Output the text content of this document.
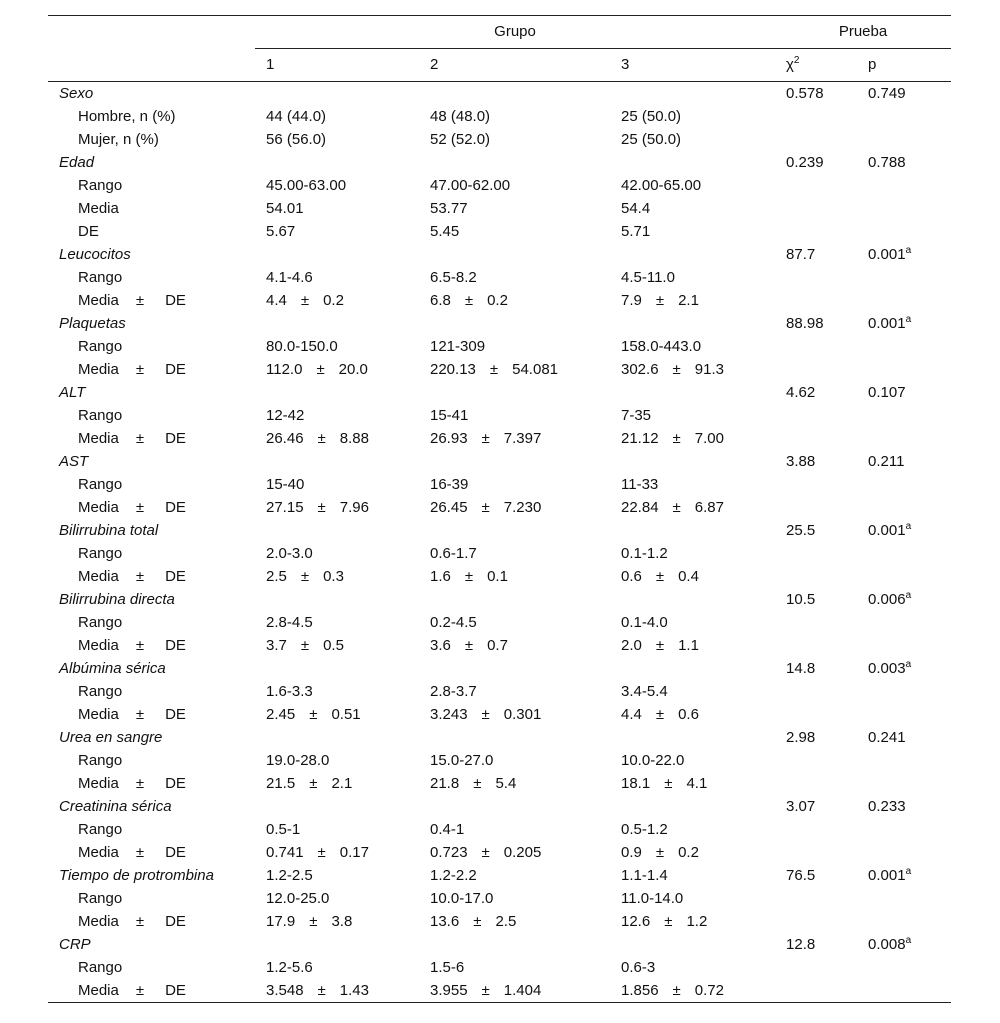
	Grupo			Prueba	
	1	2	3	$\chi^2$	p
Sexo				0.578	0.749
Hombre, n (%)	44 (44.0)	48 (48.0)	25 (50.0)		
Mujer, n (%)	56 (56.0)	52 (52.0)	25 (50.0)		
Edad				0.239	0.788
Rango	45.00-63.00	47.00-62.00	42.00-65.00		
Media	54.01	53.77	54.4		
DE	5.67	5.45	5.71		
Leucocitos				87.7	0.001$^a$
Rango	4.1-4.6	6.5-8.2	4.5-11.0		
Media ± DE	4.4 ± 0.2	6.8 ± 0.2	7.9 ± 2.1		
Plaquetas				88.98	0.001$^a$
Rango	80.0-150.0	121-309	158.0-443.0		
Media ± DE	112.0 ± 20.0	220.13 ± 54.081	302.6 ± 91.3		
ALT				4.62	0.107
Rango	12-42	15-41	7-35		
Media ± DE	26.46 ± 8.88	26.93 ± 7.397	21.12 ± 7.00		
AST				3.88	0.211
Rango	15-40	16-39	11-33		
Media ± DE	27.15 ± 7.96	26.45 ± 7.230	22.84 ± 6.87		
Bilirrubina total				25.5	0.001$^a$
Rango	2.0-3.0	0.6-1.7	0.1-1.2		
Media ± DE	2.5 ± 0.3	1.6 ± 0.1	0.6 ± 0.4		
Bilirrubina directa				10.5	0.006$^a$
Rango	2.8-4.5	0.2-4.5	0.1-4.0		
Media ± DE	3.7 ± 0.5	3.6 ± 0.7	2.0 ± 1.1		
Albúmina sérica				14.8	0.003$^a$
Rango	1.6-3.3	2.8-3.7	3.4-5.4		
Media ± DE	2.45 ± 0.51	3.243 ± 0.301	4.4 ± 0.6		
Urea en sangre				2.98	0.241
Rango	19.0-28.0	15.0-27.0	10.0-22.0		
Media ± DE	21.5 ± 2.1	21.8 ± 5.4	18.1 ± 4.1		
Creatinina sérica				3.07	0.233
Rango	0.5-1	0.4-1	0.5-1.2		
Media ± DE	0.741 ± 0.17	0.723 ± 0.205	0.9 ± 0.2		
Tiempo de protrombina	1.2-2.5	1.2-2.2	1.1-1.4	76.5	0.001$^a$
Rango	12.0-25.0	10.0-17.0	11.0-14.0		
Media ± DE	17.9 ± 3.8	13.6 ± 2.5	12.6 ± 1.2		
CRP				12.8	0.008$^a$
Rango	1.2-5.6	1.5-6	0.6-3		
Media ± DE	3.548 ± 1.43	3.955 ± 1.404	1.856 ± 0.72		
